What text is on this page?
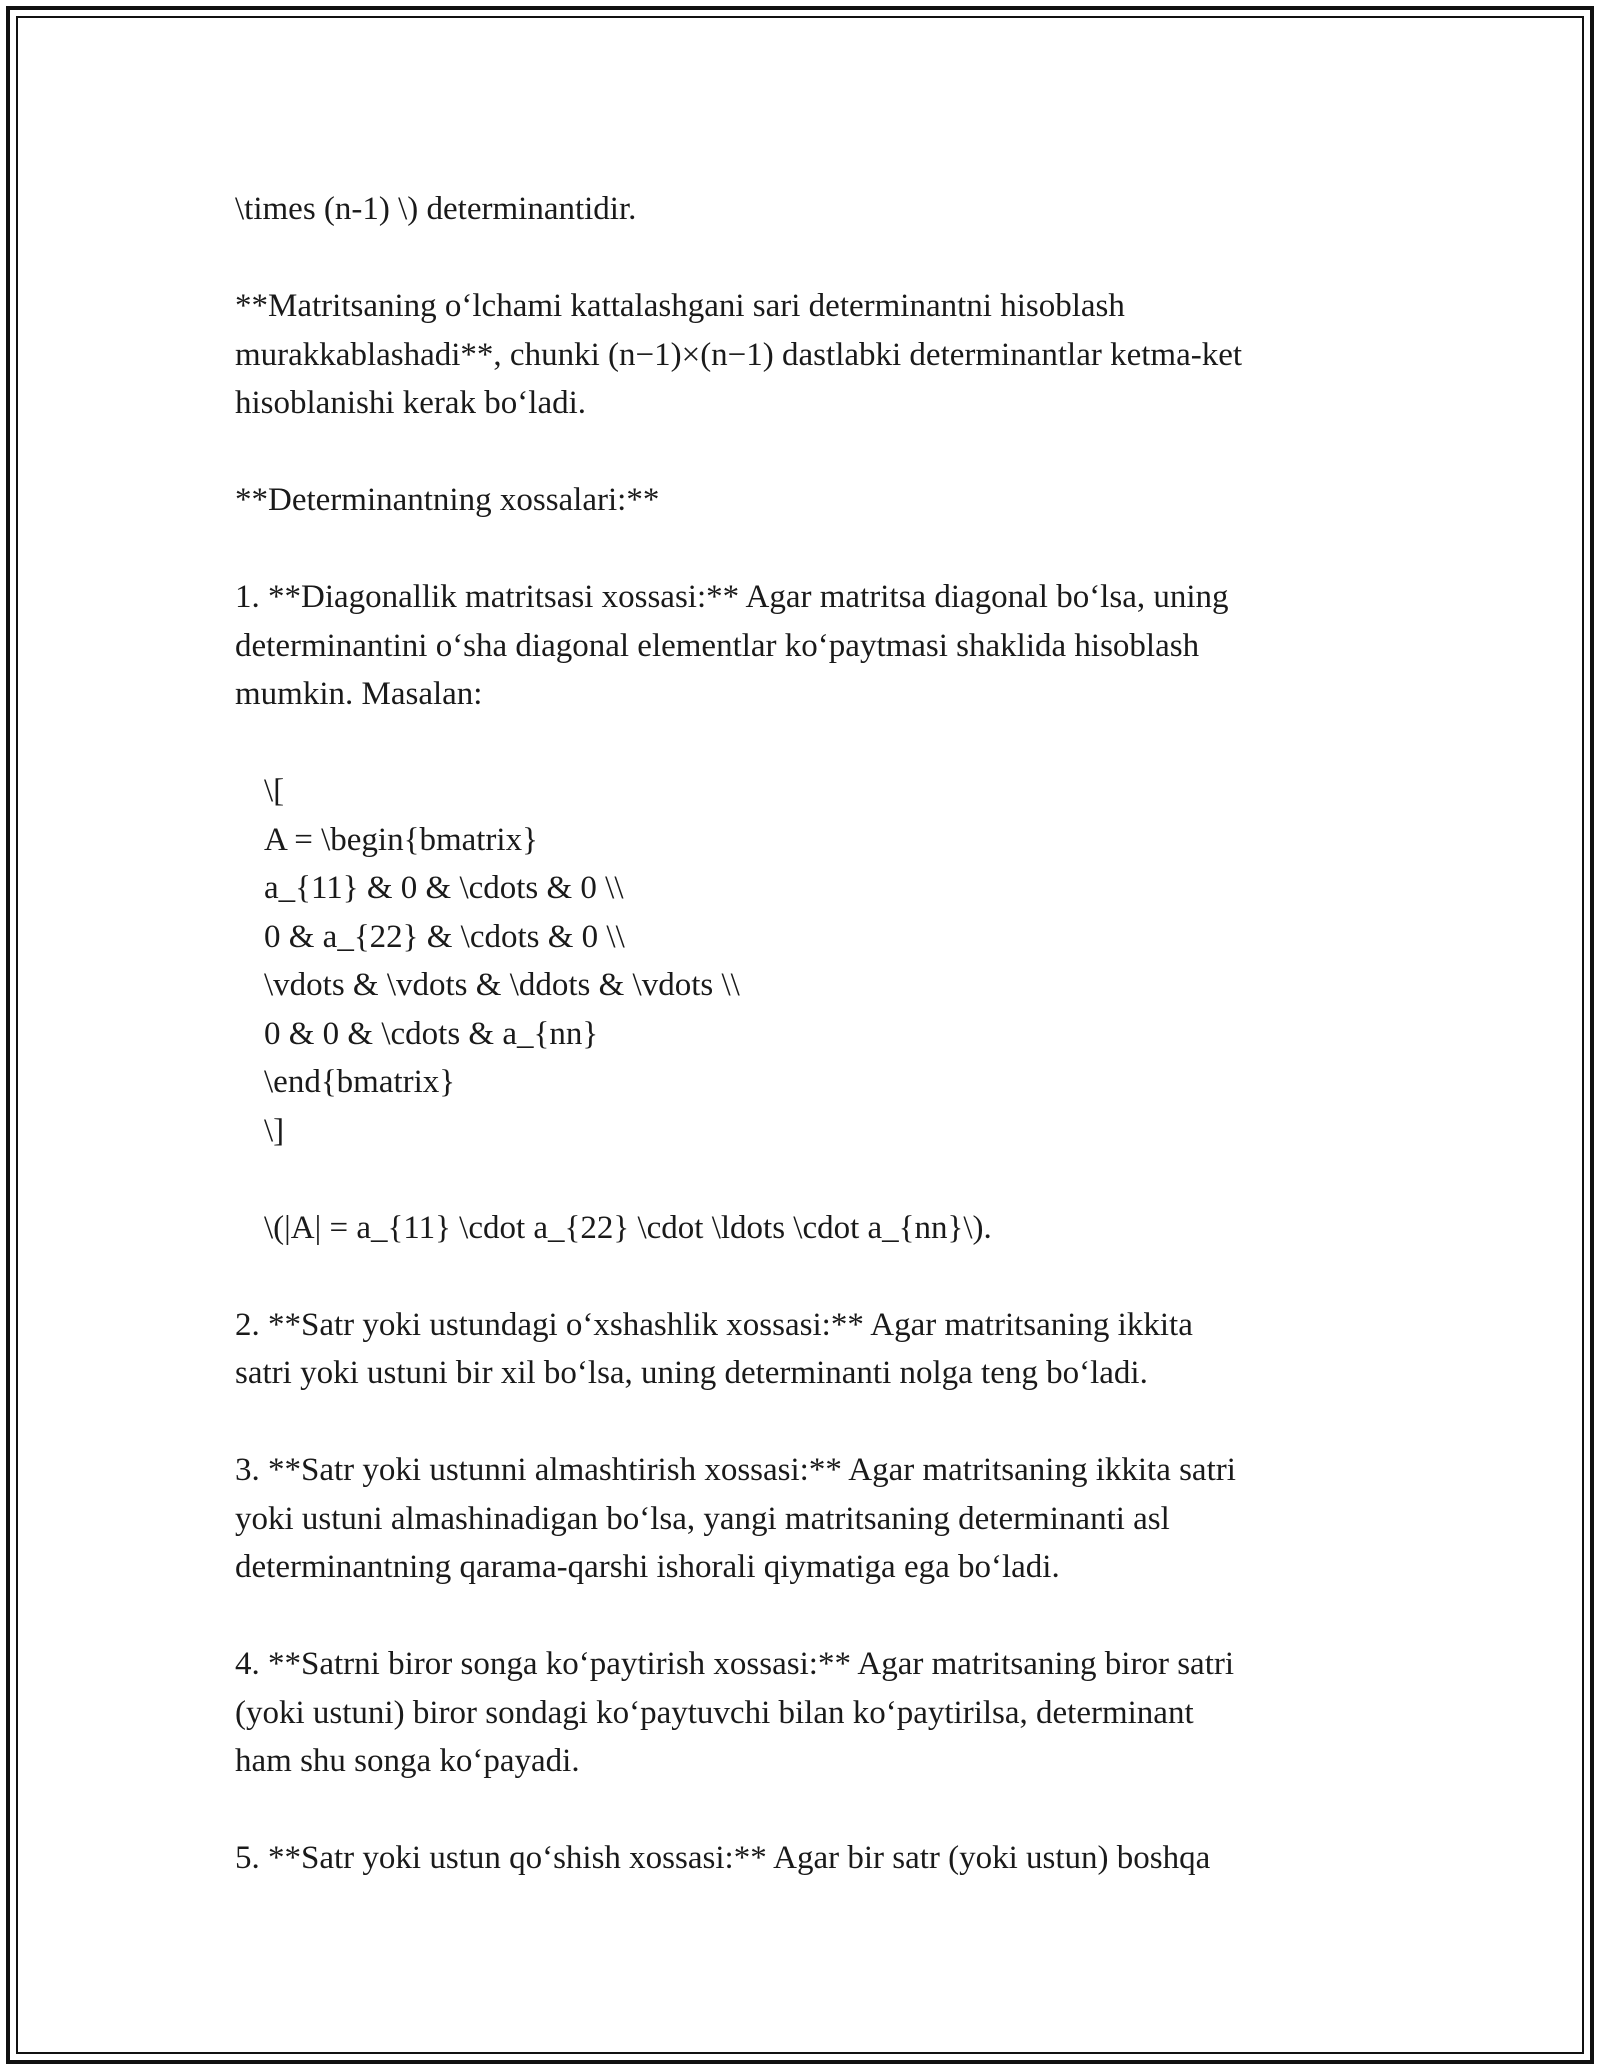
\times (n-1) \) determinantidir.

**Matritsaning o‘lchami kattalashgani sari determinantni hisoblash
murakkablashadi**, chunki (n−1)×(n−1) dastlabki determinantlar ketma-ket
hisoblanishi kerak bo‘ladi.

**Determinantning xossalari:**

1. **Diagonallik matritsasi xossasi:** Agar matritsa diagonal bo‘lsa, uning
determinantini o‘sha diagonal elementlar ko‘paytmasi shaklida hisoblash
mumkin. Masalan:

\[
A = \begin{bmatrix}
a_{11} & 0 & \cdots & 0 \\
0 & a_{22} & \cdots & 0 \\
\vdots & \vdots & \ddots & \vdots \\
0 & 0 & \cdots & a_{nn}
\end{bmatrix}
\]

\(|A| = a_{11} \cdot a_{22} \cdot \ldots \cdot a_{nn}\).

2. **Satr yoki ustundagi o‘xshashlik xossasi:** Agar matritsaning ikkita
satri yoki ustuni bir xil bo‘lsa, uning determinanti nolga teng bo‘ladi.

3. **Satr yoki ustunni almashtirish xossasi:** Agar matritsaning ikkita satri
yoki ustuni almashinadigan bo‘lsa, yangi matritsaning determinanti asl
determinantning qarama-qarshi ishorali qiymatiga ega bo‘ladi.

4. **Satrni biror songa ko‘paytirish xossasi:** Agar matritsaning biror satri
(yoki ustuni) biror sondagi ko‘paytuvchi bilan ko‘paytirilsa, determinant
ham shu songa ko‘payadi.

5. **Satr yoki ustun qo‘shish xossasi:** Agar bir satr (yoki ustun) boshqa
